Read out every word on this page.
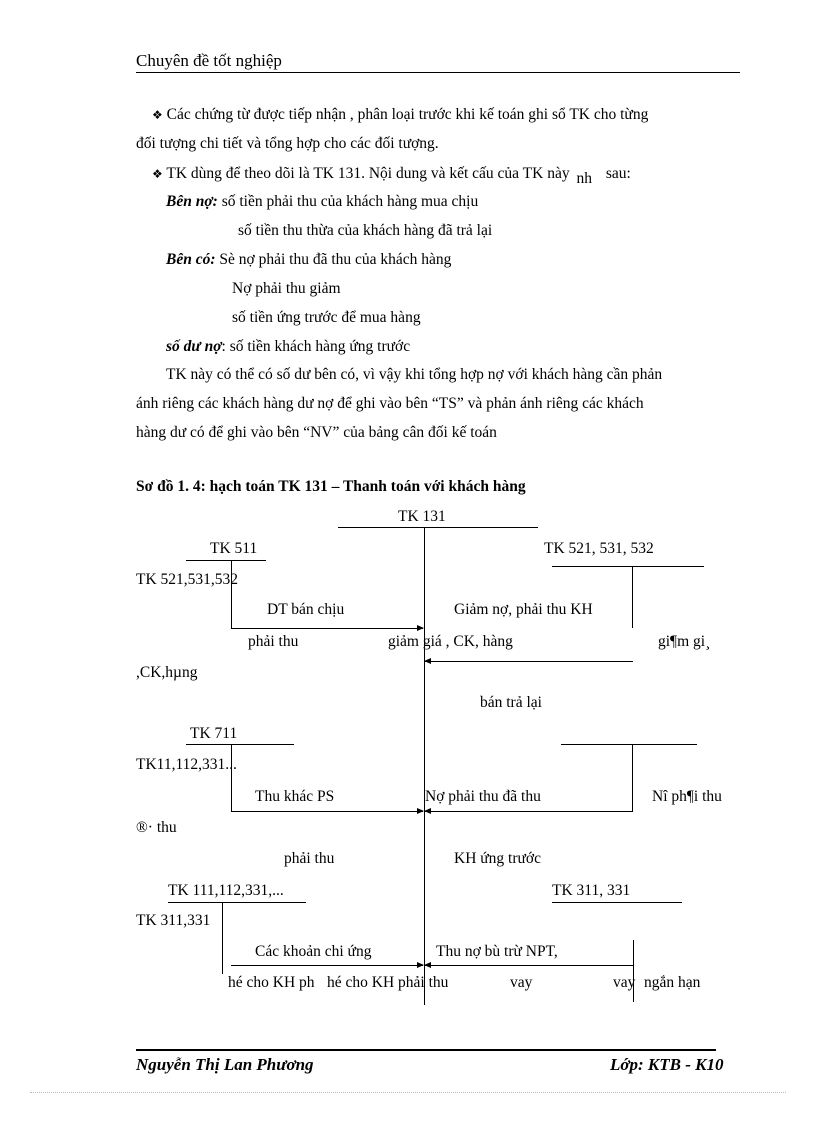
Chuyên đề tốt nghiệp
❖ Các chứng từ được tiếp nhận , phân loại trước khi kế toán ghi sổ TK cho từng
đối tượng chi tiết và tổng hợp cho các đối tượng.
❖ TK dùng để theo dõi là TK 131. Nội dung và kết cấu của TK này nh sau:
Bên nợ: số tiền phải thu của khách hàng mua chịu
số tiền thu thừa của khách hàng đã trả lại
Bên có: Sè nợ phải thu đã thu của khách hàng
Nợ phải thu giảm
số tiền ứng trước để mua hàng
số dư nợ: số tiền khách hàng ứng trước
TK này có thể có số dư bên có, vì vậy khi tổng hợp nợ với khách hàng cần phản
ánh riêng các khách hàng dư nợ để ghi vào bên “TS” và phản ánh riêng các khách
hàng dư có để ghi vào bên “NV” của bảng cân đối kế toán
Sơ đồ 1. 4: hạch toán TK 131 – Thanh toán với khách hàng
TK 131
TK 511	TK 521, 531, 532
TK 521,531,532
DT bán chịu	Giảm nợ, phải thu KH
phải thu	giảm giá , CK, hàng	gi¶m gi¸
,CK,hµng
bán trả lại
TK 711
TK11,112,331...
Thu khác PS	Nợ phải thu đã thu	Nî ph¶i thu
®· thu
phải thu	KH ứng trước
TK 111,112,331,...	TK 311, 331
TK 311,331
Các khoản chi ứng	Thu nợ bù trừ NPT,
hé cho KH ph hé cho KH phải thu	vay	vay ngắn hạn
Nguyễn Thị Lan Phương	Lớp: KTB - K10
